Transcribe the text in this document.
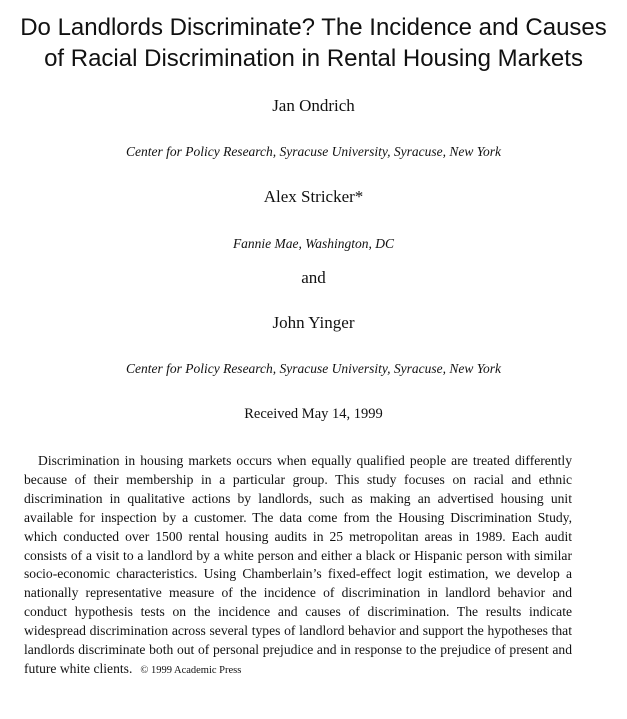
Do Landlords Discriminate? The Incidence and Causes
of Racial Discrimination in Rental Housing Markets
Jan Ondrich
Center for Policy Research, Syracuse University, Syracuse, New York
Alex Stricker*
Fannie Mae, Washington, DC
and
John Yinger
Center for Policy Research, Syracuse University, Syracuse, New York
Received May 14, 1999

Discrimination in housing markets occurs when equally qualified people are treated differently because of their membership in a particular group. This study focuses on racial and ethnic discrimination in qualitative actions by landlords, such as making an advertised housing unit available for inspection by a customer. The data come from the Housing Discrimination Study, which conducted over 1500 rental housing audits in 25 metropolitan areas in 1989. Each audit consists of a visit to a landlord by a white person and either a black or Hispanic person with similar socio-economic characteristics. Using Chamberlain’s fixed-effect logit estimation, we develop a nationally representative measure of the incidence of discrimination in landlord behavior and conduct hypothesis tests on the incidence and causes of discrimination. The results indicate widespread discrimination across several types of landlord behavior and support the hypotheses that landlords discriminate both out of personal prejudice and in response to the prejudice of present and future white clients. © 1999 Academic Press
